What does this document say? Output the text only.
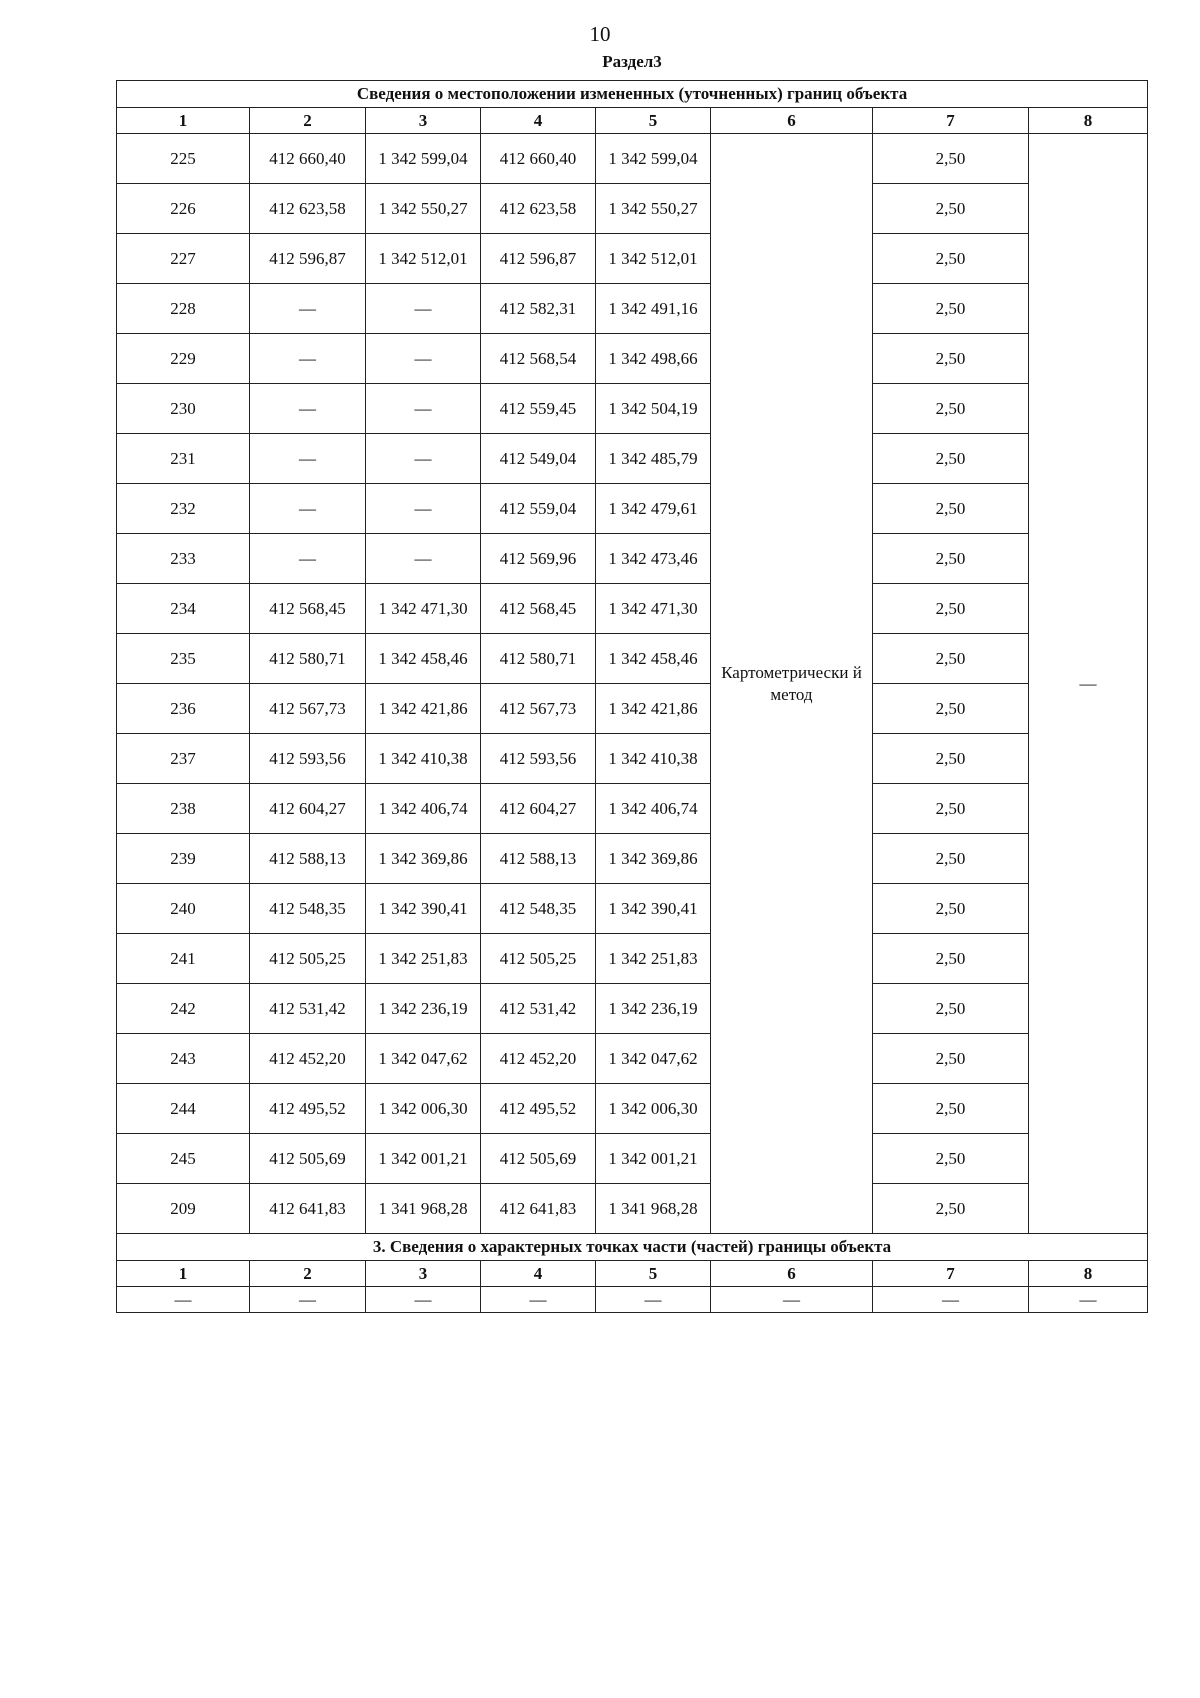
10
Раздел3
Сведения о местоположении измененных (уточненных) границ объекта							
1	2	3	4	5	6	7	8
225	412 660,40	1 342 599,04	412 660,40	1 342 599,04	Картометрически й метод	2,50	—
226	412 623,58	1 342 550,27	412 623,58	1 342 550,27		2,50	
227	412 596,87	1 342 512,01	412 596,87	1 342 512,01		2,50	
228	—	—	412 582,31	1 342 491,16		2,50	
229	—	—	412 568,54	1 342 498,66		2,50	
230	—	—	412 559,45	1 342 504,19		2,50	
231	—	—	412 549,04	1 342 485,79		2,50	
232	—	—	412 559,04	1 342 479,61		2,50	
233	—	—	412 569,96	1 342 473,46		2,50	
234	412 568,45	1 342 471,30	412 568,45	1 342 471,30		2,50	
235	412 580,71	1 342 458,46	412 580,71	1 342 458,46		2,50	
236	412 567,73	1 342 421,86	412 567,73	1 342 421,86		2,50	
237	412 593,56	1 342 410,38	412 593,56	1 342 410,38		2,50	
238	412 604,27	1 342 406,74	412 604,27	1 342 406,74		2,50	
239	412 588,13	1 342 369,86	412 588,13	1 342 369,86		2,50	
240	412 548,35	1 342 390,41	412 548,35	1 342 390,41		2,50	
241	412 505,25	1 342 251,83	412 505,25	1 342 251,83		2,50	
242	412 531,42	1 342 236,19	412 531,42	1 342 236,19		2,50	
243	412 452,20	1 342 047,62	412 452,20	1 342 047,62		2,50	
244	412 495,52	1 342 006,30	412 495,52	1 342 006,30		2,50	
245	412 505,69	1 342 001,21	412 505,69	1 342 001,21		2,50	
209	412 641,83	1 341 968,28	412 641,83	1 341 968,28		2,50	
3. Сведения о характерных точках части (частей) границы объекта							
1	2	3	4	5	6	7	8
—	—	—	—	—	—	—	—
